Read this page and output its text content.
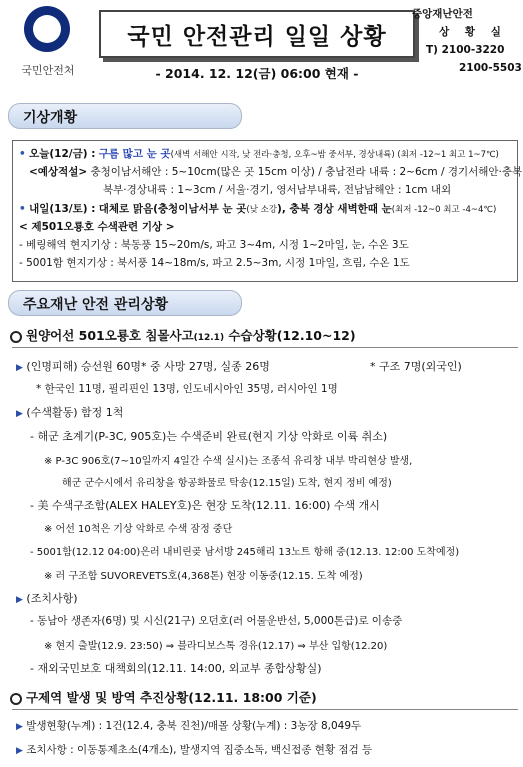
국민안전처
국민 안전관리 일일 상황
- 2014. 12. 12(금) 06:00 현재 -
중앙재난안전
상 황 실
T) 2100-3220
2100-5503
기상개황
• 오늘(12/금) : 구름 많고 눈 곳(새벽 서해안 시작, 낮 전라·충청, 오후~밤 중서부, 경상내륙) (최저 -12~1 최고 1~7℃)
<예상적설> 충청이남서해안 : 5~10cm(많은 곳 15cm 이상) / 충남전라 내륙 : 2~6cm / 경기서해안·충북
북부·경상내륙 : 1~3cm / 서울·경기, 영서남부내륙, 전남남해안 : 1cm 내외
• 내일(13/토) : 대체로 맑음(충청이남서부 눈 곳(낮 소강), 충북 경상 새벽한때 눈(최저 -12~0 최고 -4~4℃)
< 제501오룡호 수색관련 기상 >
- 베링해역 현지기상 : 북동풍 15~20m/s, 파고 3~4m, 시정 1~2마일, 눈, 수온 3도
- 5001함 현지기상 : 북서풍 14~18m/s, 파고 2.5~3m, 시정 1마일, 흐림, 수온 1도
주요재난 안전 관리상황
원양어선 501오룡호 침몰사고(12.1) 수습상황(12.10~12)
▶ (인명피해) 승선원 60명* 중 사망 27명, 실종 26명	* 구조 7명(외국인)
* 한국인 11명, 필리핀인 13명, 인도네시아인 35명, 러시아인 1명
▶ (수색활동) 함정 1척
- 해군 초계기(P-3C, 905호)는 수색준비 완료(현지 기상 악화로 이륙 취소)
※ P-3C 906호(7~10일까지 4일간 수색 실시)는 조종석 유리창 내부 박리현상 발생,
해군 군수시에서 유리창을 항공화물로 탁송(12.15일) 도착, 현지 정비 예정)
- 美 수색구조함(ALEX HALEY호)은 현장 도착(12.11. 16:00) 수색 개시
※ 어선 10척은 기상 악화로 수색 잠정 중단
- 5001함(12.12 04:00)은러 내비린곶 남서방 245해리 13노트 항해 중(12.13. 12:00 도착예정)
※ 러 구조함 SUVOREVETS호(4,368톤) 현장 이동중(12.15. 도착 예정)
▶ (조치사항)
- 동남아 생존자(6명) 및 시신(21구) 오던호(러 어물운반선, 5,000톤급)로 이송중
※ 현지 출발(12.9. 23:50) ⇒ 블라디보스톡 경유(12.17) ⇒ 부산 입항(12.20)
- 재외국민보호 대책회의(12.11. 14:00, 외교부 종합상황실)
구제역 발생 및 방역 추진상황(12.11. 18:00 기준)
▶ 발생현황(누계) : 1건(12.4, 충북 진천)/매몰 상황(누계) : 3농장 8,049두
▶ 조치사항 : 이동통제초소(4개소), 발생지역 집중소독, 백신접종 현황 점검 등
